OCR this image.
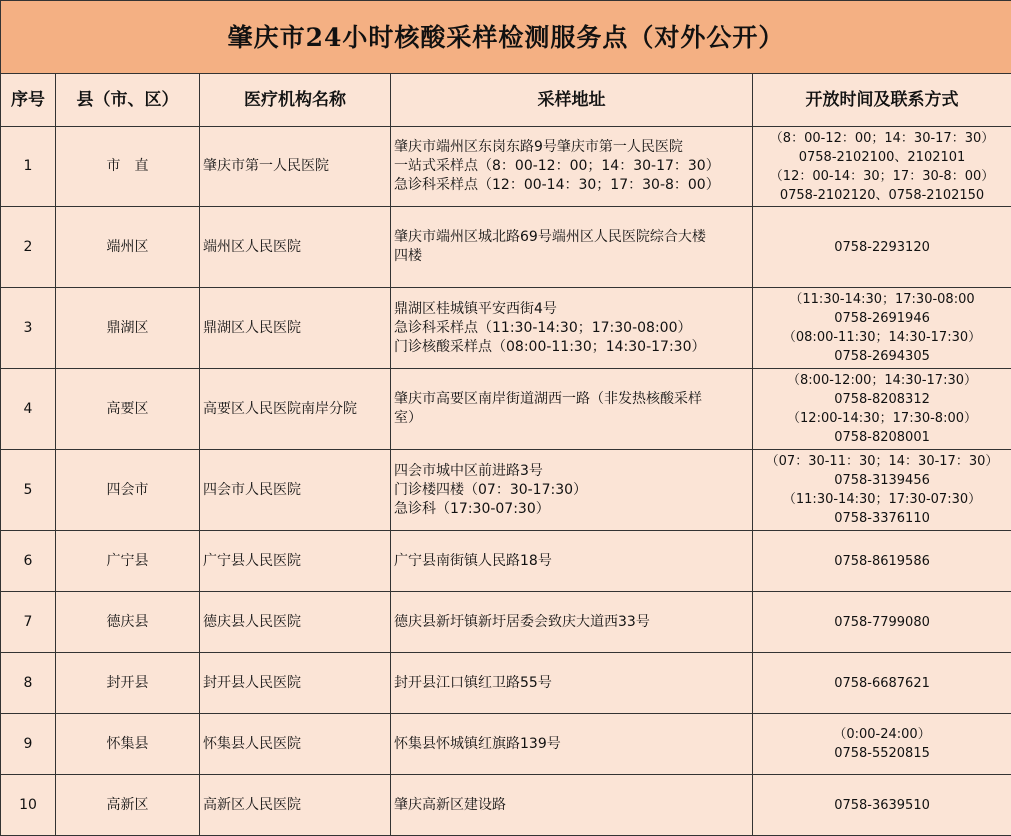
肇庆市24小时核酸采样检测服务点（对外公开）				
序号	县（市、区）	医疗机构名称	采样地址	开放时间及联系方式
1	市　直	肇庆市第一人民医院	肇庆市端州区东岗东路9号肇庆市第一人民医院
一站式采样点（8：00-12：00；14：30-17：30）
急诊科采样点（12：00-14：30；17：30-8：00）	（8：00-12：00；14：30-17：30）
0758-2102100、2102101
（12：00-14：30；17：30-8：00）
0758-2102120、0758-2102150

2	端州区	端州区人民医院	肇庆市端州区城北路69号端州区人民医院综合大楼
四楼	0758-2293120

3	鼎湖区	鼎湖区人民医院	鼎湖区桂城镇平安西街4号
急诊科采样点（11:30-14:30；17:30-08:00）
门诊核酸采样点（08:00-11:30；14:30-17:30）	（11:30-14:30；17:30-08:00
0758-2691946
（08:00-11:30；14:30-17:30）
0758-2694305

4	高要区	高要区人民医院南岸分院	肇庆市高要区南岸街道湖西一路（非发热核酸采样
室）	（8:00-12:00；14:30-17:30）
0758-8208312
（12:00-14:30；17:30-8:00）
0758-8208001

5	四会市	四会市人民医院	四会市城中区前进路3号
门诊楼四楼（07：30-17:30）
急诊科（17:30-07:30）	（07：30-11：30；14：30-17：30）
0758-3139456
（11:30-14:30；17:30-07:30）
0758-3376110

6	广宁县	广宁县人民医院	广宁县南街镇人民路18号	0758-8619586

7	德庆县	德庆县人民医院	德庆县新圩镇新圩居委会致庆大道西33号	0758-7799080

8	封开县	封开县人民医院	封开县江口镇红卫路55号	0758-6687621

9	怀集县	怀集县人民医院	怀集县怀城镇红旗路139号	（0:00-24:00）
0758-5520815

10	高新区	高新区人民医院	肇庆高新区建设路	0758-3639510
